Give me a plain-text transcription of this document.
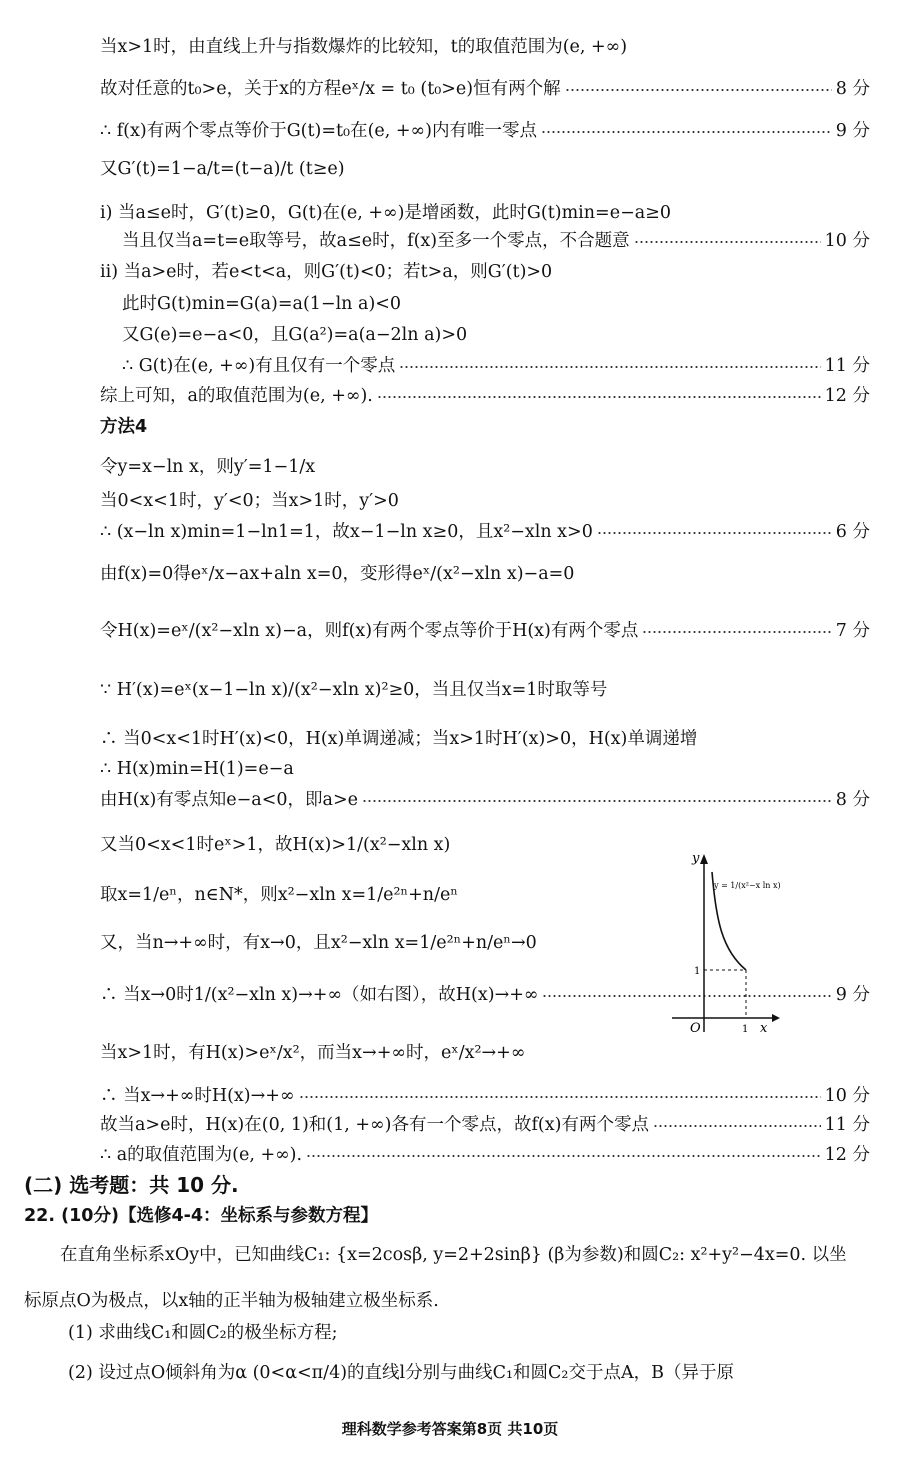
当x>1时，由直线上升与指数爆炸的比较知，t的取值范围为(e, +∞)
故对任意的t₀>e，关于x的方程eˣ/x = t₀ (t₀>e)恒有两个解	8 分
∴ f(x)有两个零点等价于G(t)=t₀在(e, +∞)内有唯一零点	9 分
又G′(t)=1−a/t=(t−a)/t (t≥e)
i) 当a≤e时，G′(t)≥0，G(t)在(e, +∞)是增函数，此时G(t)min=e−a≥0
当且仅当a=t=e取等号，故a≤e时，f(x)至多一个零点，不合题意	10 分
ii) 当a>e时，若e<t<a，则G′(t)<0；若t>a，则G′(t)>0
此时G(t)min=G(a)=a(1−ln a)<0
又G(e)=e−a<0，且G(a²)=a(a−2ln a)>0
∴ G(t)在(e, +∞)有且仅有一个零点	11 分
综上可知，a的取值范围为(e, +∞).	12 分
方法4
令y=x−ln x，则y′=1−1/x
当0<x<1时，y′<0；当x>1时，y′>0
∴ (x−ln x)min=1−ln1=1，故x−1−ln x≥0，且x²−xln x>0	6 分
由f(x)=0得eˣ/x−ax+aln x=0，变形得eˣ/(x²−xln x)−a=0
令H(x)=eˣ/(x²−xln x)−a，则f(x)有两个零点等价于H(x)有两个零点	7 分
∵ H′(x)=eˣ(x−1−ln x)/(x²−xln x)²≥0，当且仅当x=1时取等号
∴ 当0<x<1时H′(x)<0，H(x)单调递减；当x>1时H′(x)>0，H(x)单调递增
∴ H(x)min=H(1)=e−a
由H(x)有零点知e−a<0，即a>e	8 分
又当0<x<1时eˣ>1，故H(x)>1/(x²−xln x)
取x=1/eⁿ，n∈N*，则x²−xln x=1/e²ⁿ+n/eⁿ
又，当n→+∞时，有x→0，且x²−xln x=1/e²ⁿ+n/eⁿ→0
∴ 当x→0时1/(x²−xln x)→+∞（如右图），故H(x)→+∞	9 分
当x>1时，有H(x)>eˣ/x²，而当x→+∞时，eˣ/x²→+∞
∴ 当x→+∞时H(x)→+∞	10 分
故当a>e时，H(x)在(0, 1)和(1, +∞)各有一个零点，故f(x)有两个零点	11 分
∴ a的取值范围为(e, +∞).	12 分
(二) 选考题：共 10 分.
22. (10分)【选修4-4：坐标系与参数方程】
在直角坐标系xOy中，已知曲线C₁: {x=2cosβ, y=2+2sinβ} (β为参数)和圆C₂: x²+y²−4x=0. 以坐
标原点O为极点，以x轴的正半轴为极轴建立极坐标系.
(1) 求曲线C₁和圆C₂的极坐标方程;
(2) 设过点O倾斜角为α (0<α<π/4)的直线l分别与曲线C₁和圆C₂交于点A，B（异于原
y
x
O	1
1
y = 1/(x²−x ln x)
理科数学参考答案第8页 共10页
